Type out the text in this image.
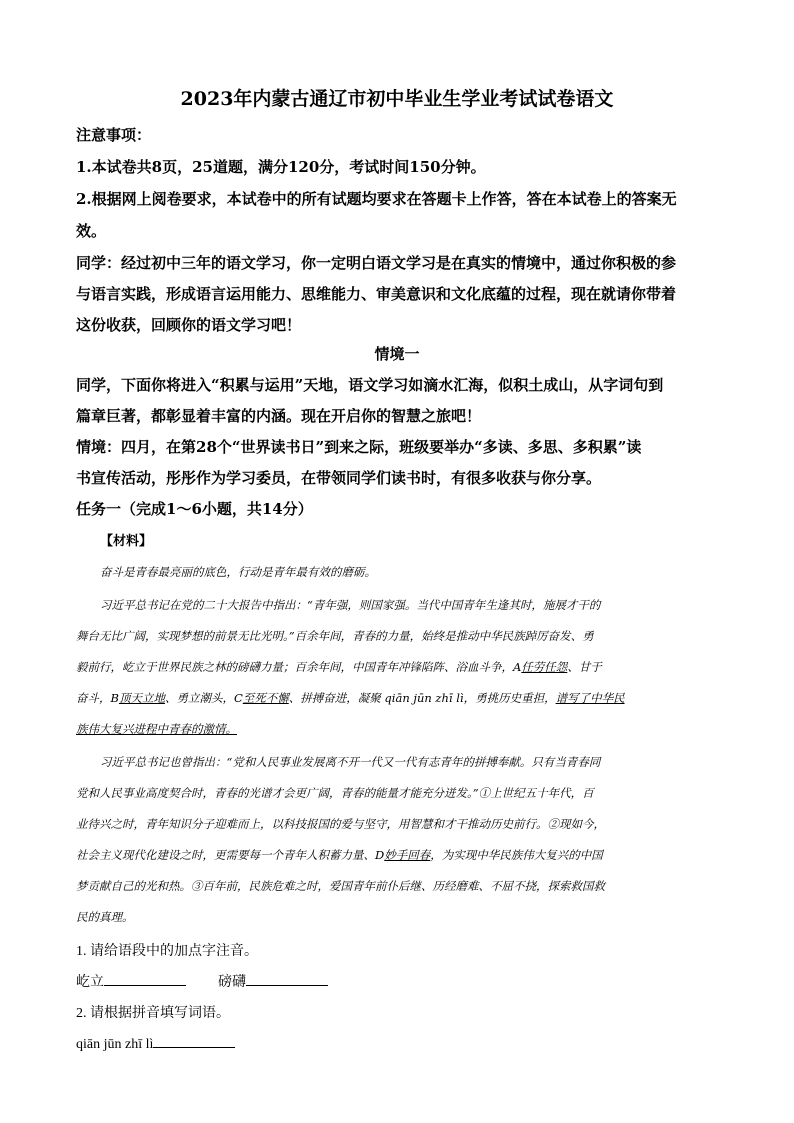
2023年内蒙古通辽市初中毕业生学业考试试卷语文
注意事项：
1.本试卷共8页，25道题，满分120分，考试时间150分钟。
2.根据网上阅卷要求，本试卷中的所有试题均要求在答题卡上作答，答在本试卷上的答案无
效。
同学：经过初中三年的语文学习，你一定明白语文学习是在真实的情境中，通过你积极的参
与语言实践，形成语言运用能力、思维能力、审美意识和文化底蕴的过程，现在就请你带着
这份收获，回顾你的语文学习吧！
情境一
同学，下面你将进入“积累与运用”天地，语文学习如滴水汇海，似积土成山，从字词句到
篇章巨著，都彰显着丰富的内涵。现在开启你的智慧之旅吧！
情境：四月，在第28个“世界读书日”到来之际，班级要举办“多读、多思、多积累”读
书宣传活动，彤彤作为学习委员，在带领同学们读书时，有很多收获与你分享。
任务一（完成1～6小题，共14分）
【材料】
奋斗是青春最亮丽的底色，行动是青年最有效的磨砺。
习近平总书记在党的二十大报告中指出：“青年强，则国家强。当代中国青年生逢其时，施展才干的
舞台无比广阔，实现梦想的前景无比光明。”百余年间，青春的力量，始终是推动中华民族踔厉奋发、勇
毅前行，屹立于世界民族之林的磅礴力量；百余年间，中国青年冲锋陷阵、浴血斗争，A任劳任怨、甘于
奋斗，B顶天立地、勇立潮头，C至死不懈、拼搏奋进，凝聚 qiān jūn zhī lì，勇挑历史重担，谱写了中华民
族伟大复兴进程中青春的激情。
习近平总书记也曾指出：“党和人民事业发展离不开一代又一代有志青年的拼搏奉献。只有当青春同
党和人民事业高度契合时，青春的光谱才会更广阔，青春的能量才能充分迸发。”①上世纪五十年代，百
业待兴之时，青年知识分子迎难而上，以科技报国的爱与坚守，用智慧和才干推动历史前行。②现如今，
社会主义现代化建设之时，更需要每一个青年人积蓄力量、D妙手回春，为实现中华民族伟大复兴的中国
梦贡献自己的光和热。③百年前，民族危难之时，爱国青年前仆后继、历经磨难、不屈不挠，探索救国救
民的真理。
1. 请给语段中的加点字注音。
屹立	磅礴
2. 请根据拼音填写词语。
qiān jūn zhī lì
